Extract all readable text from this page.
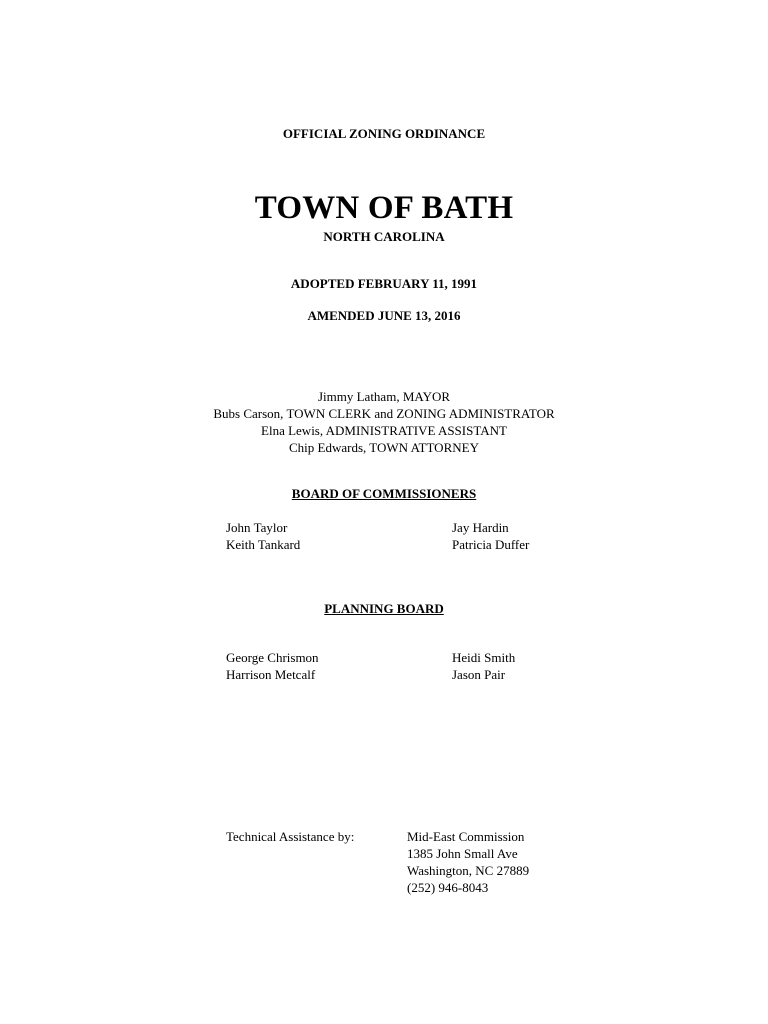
OFFICIAL ZONING ORDINANCE
TOWN OF BATH
NORTH CAROLINA
ADOPTED FEBRUARY 11, 1991
AMENDED JUNE 13, 2016
Jimmy Latham, MAYOR
Bubs Carson, TOWN CLERK and ZONING ADMINISTRATOR
Elna Lewis, ADMINISTRATIVE ASSISTANT
Chip Edwards, TOWN ATTORNEY
BOARD OF COMMISSIONERS
John Taylor	Jay Hardin
Keith Tankard	Patricia Duffer
PLANNING BOARD
George Chrismon	Heidi Smith
Harrison Metcalf	Jason Pair
Technical Assistance by:	Mid-East Commission
1385 John Small Ave
Washington, NC 27889
(252) 946-8043
